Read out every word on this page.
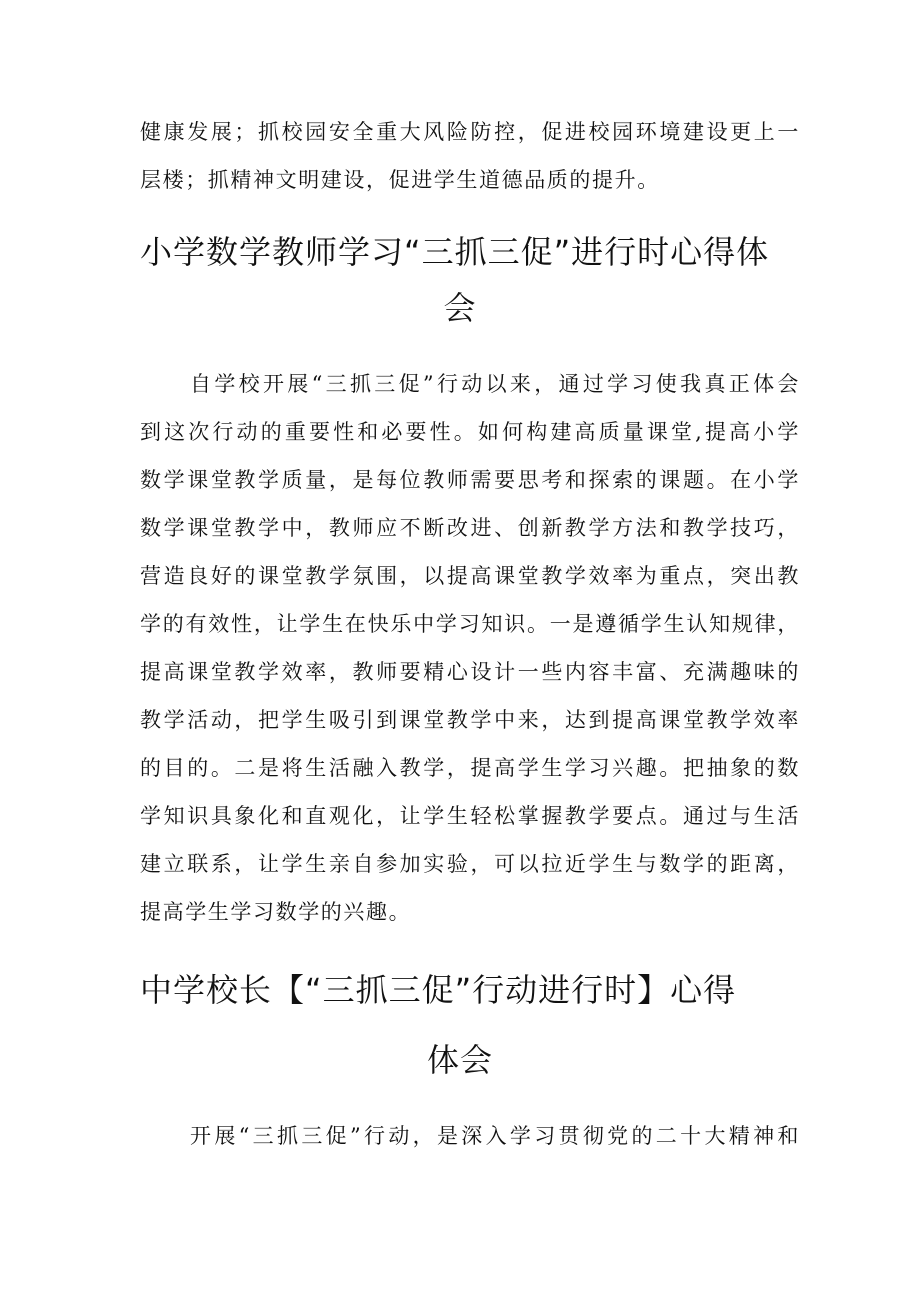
健康发展；抓校园安全重大风险防控，促进校园环境建设更上一
层楼；抓精神文明建设，促进学生道德品质的提升。
小学数学教师学习“三抓三促”进行时心得体
会
自学校开展“三抓三促”行动以来，通过学习使我真正体会
到这次行动的重要性和必要性。如何构建高质量课堂,提高小学
数学课堂教学质量，是每位教师需要思考和探索的课题。在小学
数学课堂教学中，教师应不断改进、创新教学方法和教学技巧，
营造良好的课堂教学氛围，以提高课堂教学效率为重点，突出教
学的有效性，让学生在快乐中学习知识。一是遵循学生认知规律，
提高课堂教学效率，教师要精心设计一些内容丰富、充满趣味的
教学活动，把学生吸引到课堂教学中来，达到提高课堂教学效率
的目的。二是将生活融入教学，提高学生学习兴趣。把抽象的数
学知识具象化和直观化，让学生轻松掌握教学要点。通过与生活
建立联系，让学生亲自参加实验，可以拉近学生与数学的距离，
提高学生学习数学的兴趣。
中学校长【“三抓三促”行动进行时】心得
体会
开展“三抓三促”行动，是深入学习贯彻党的二十大精神和
